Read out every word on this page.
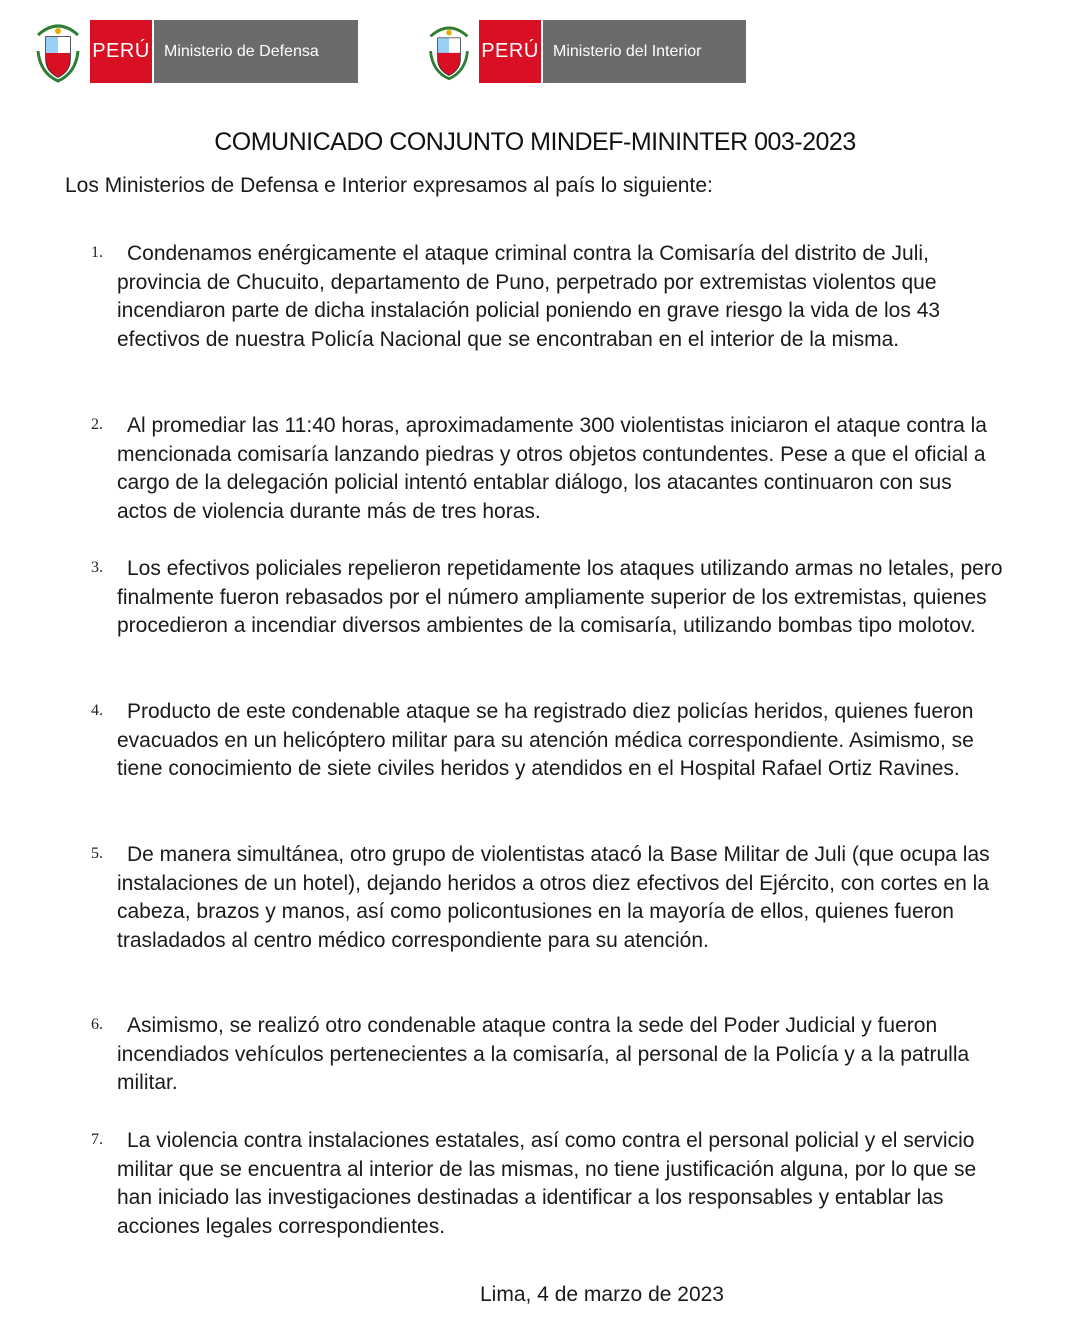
PERÚ Ministerio de Defensa	PERÚ Ministerio del Interior
COMUNICADO CONJUNTO MINDEF-MININTER 003-2023
Los Ministerios de Defensa e Interior expresamos al país lo siguiente:
1.	Condenamos enérgicamente el ataque criminal contra la Comisaría del distrito de Juli, provincia de Chucuito, departamento de Puno, perpetrado por extremistas violentos que incendiaron parte de dicha instalación policial poniendo en grave riesgo la vida de los 43 efectivos de nuestra Policía Nacional que se encontraban en el interior de la misma.
2.	Al promediar las 11:40 horas, aproximadamente 300 violentistas iniciaron el ataque contra la mencionada comisaría lanzando piedras y otros objetos contundentes. Pese a que el oficial a cargo de la delegación policial intentó entablar diálogo, los atacantes continuaron con sus actos de violencia durante más de tres horas.
3.	Los efectivos policiales repelieron repetidamente los ataques utilizando armas no letales, pero finalmente fueron rebasados por el número ampliamente superior de los extremistas, quienes procedieron a incendiar diversos ambientes de la comisaría, utilizando bombas tipo molotov.
4.	Producto de este condenable ataque se ha registrado diez policías heridos, quienes fueron evacuados en un helicóptero militar para su atención médica correspondiente. Asimismo, se tiene conocimiento de siete civiles heridos y atendidos en el Hospital Rafael Ortiz Ravines.
5.	De manera simultánea, otro grupo de violentistas atacó la Base Militar de Juli (que ocupa las instalaciones de un hotel), dejando heridos a otros diez efectivos del Ejército, con cortes en la cabeza, brazos y manos, así como policontusiones en la mayoría de ellos, quienes fueron trasladados al centro médico correspondiente para su atención.
6.	Asimismo, se realizó otro condenable ataque contra la sede del Poder Judicial y fueron incendiados vehículos pertenecientes a la comisaría, al personal de la Policía y a la patrulla militar.
7.	La violencia contra instalaciones estatales, así como contra el personal policial y el servicio militar que se encuentra al interior de las mismas, no tiene justificación alguna, por lo que se han iniciado las investigaciones destinadas a identificar a los responsables y entablar las acciones legales correspondientes.
Lima, 4 de marzo de 2023
